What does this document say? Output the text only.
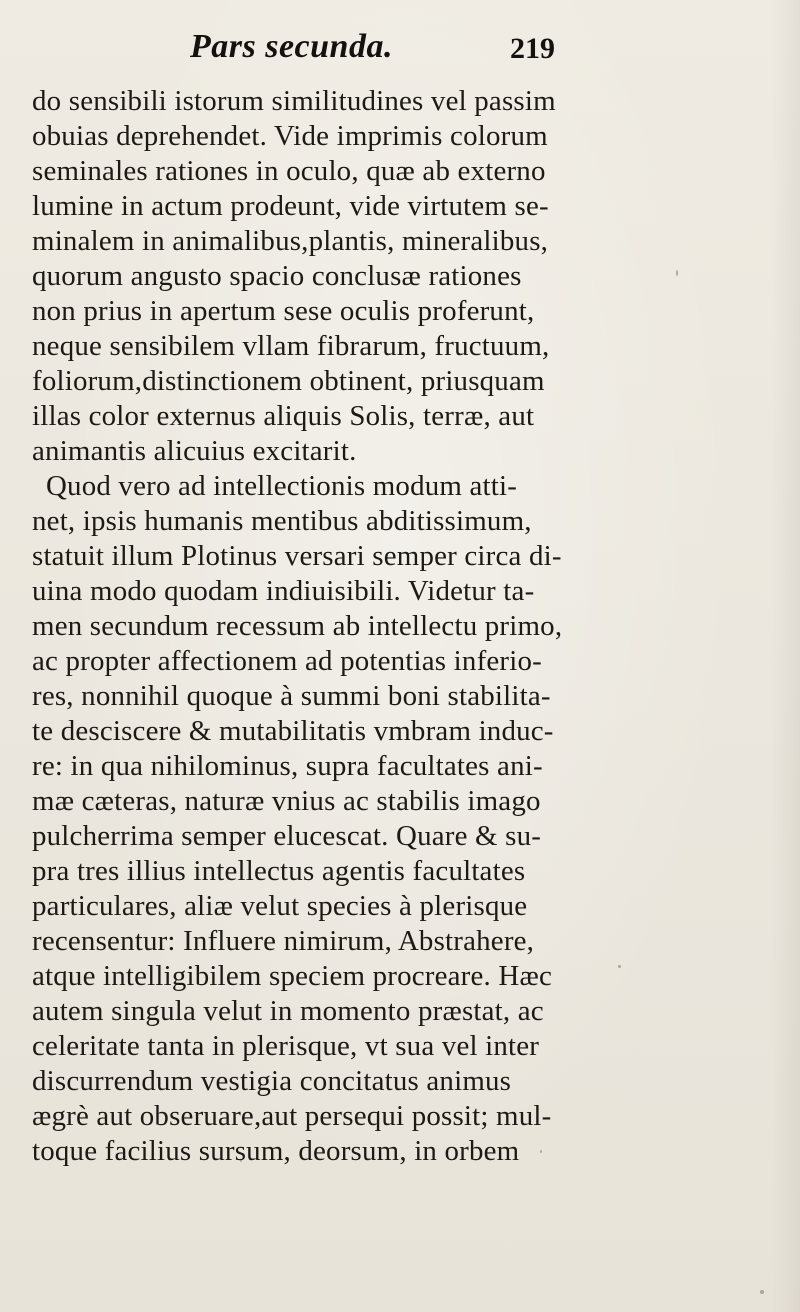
Pars secunda.	219
do sensibili istorum similitudines vel passim
obuias deprehendet. Vide imprimis colorum
seminales rationes in oculo, quæ ab externo
lumine in actum prodeunt, vide virtutem se-
minalem in animalibus,plantis, mineralibus,
quorum angusto spacio conclusæ rationes
non prius in apertum sese oculis proferunt,
neque sensibilem vllam fibrarum, fructuum,
foliorum,distinctionem obtinent, priusquam
illas color externus aliquis Solis, terræ, aut
animantis alicuius excitarit.
Quod vero ad intellectionis modum atti-
net, ipsis humanis mentibus abditissimum,
statuit illum Plotinus versari semper circa di-
uina modo quodam indiuisibili. Videtur ta-
men secundum recessum ab intellectu primo,
ac propter affectionem ad potentias inferio-
res, nonnihil quoque à summi boni stabilita-
te desciscere & mutabilitatis vmbram induc-
re: in qua nihilominus, supra facultates ani-
mæ cæteras, naturæ vnius ac stabilis imago
pulcherrima semper elucescat. Quare & su-
pra tres illius intellectus agentis facultates
particulares, aliæ velut species à plerisque
recensentur: Influere nimirum, Abstrahere,
atque intelligibilem speciem procreare. Hæc
autem singula velut in momento præstat, ac
celeritate tanta in plerisque, vt sua vel inter
discurrendum vestigia concitatus animus
ægrè aut obseruare,aut persequi possit; mul-
toque facilius sursum, deorsum, in orbem
